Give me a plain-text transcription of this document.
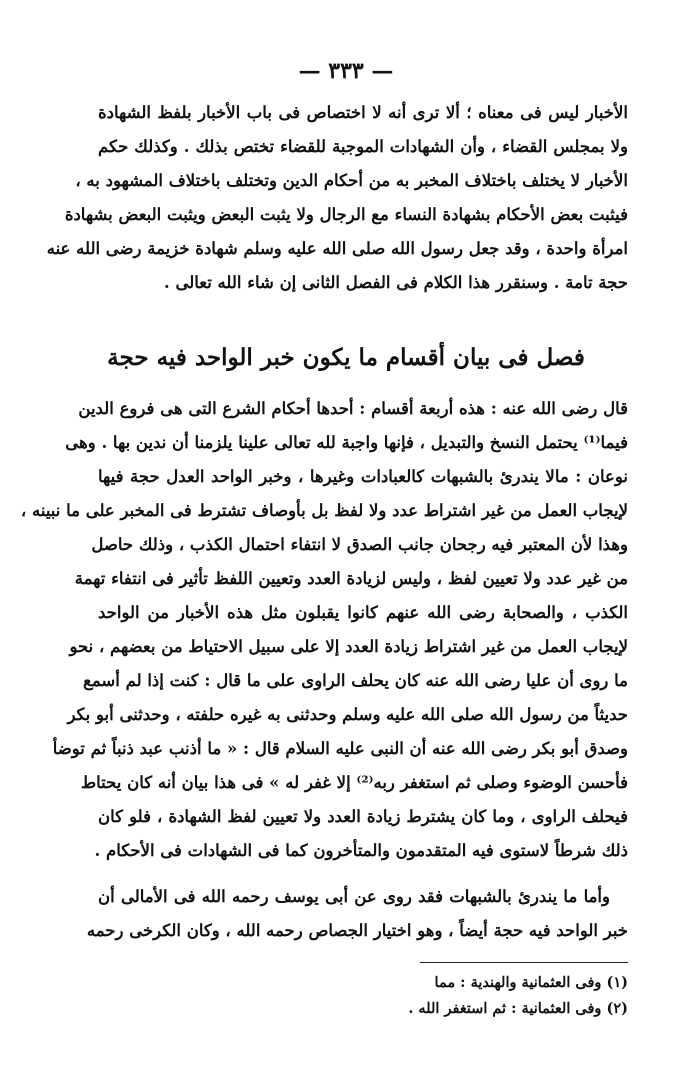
— ٣٣٣ —
الأخبار ليس فى معناه ؛ ألا ترى أنه لا اختصاص فى باب الأخبار بلفظ الشهادة
ولا بمجلس القضاء ، وأن الشهادات الموجبة للقضاء تختص بذلك . وكذلك حكم
الأخبار لا يختلف باختلاف المخبر به من أحكام الدين وتختلف باختلاف المشهود به ،
فيثبت بعض الأحكام بشهادة النساء مع الرجال ولا يثبت البعض ويثبت البعض بشهادة
امرأة واحدة ، وقد جعل رسول الله صلى الله عليه وسلم شهادة خزيمة رضى الله عنه
حجة تامة . وسنقرر هذا الكلام فى الفصل الثانى إن شاء الله تعالى .
فصل فى بيان أقسام ما يكون خبر الواحد فيه حجة
قال رضى الله عنه : هذه أربعة أقسام : أحدها أحكام الشرع التى هى فروع الدين
فيما⁽¹⁾ يحتمل النسخ والتبديل ، فإنها واجبة لله تعالى علينا يلزمنا أن ندين بها . وهى
نوعان : مالا يندرئ بالشبهات كالعبادات وغيرها ، وخبر الواحد العدل حجة فيها
لإيجاب العمل من غير اشتراط عدد ولا لفظ بل بأوصاف تشترط فى المخبر على ما نبينه ،
وهذا لأن المعتبر فيه رجحان جانب الصدق لا انتفاء احتمال الكذب ، وذلك حاصل
من غير عدد ولا تعيين لفظ ، وليس لزيادة العدد وتعيين اللفظ تأثير فى انتفاء تهمة
الكذب ، والصحابة رضى الله عنهم كانوا يقبلون مثل هذه الأخبار من الواحد
لإيجاب العمل من غير اشتراط زيادة العدد إلا على سبيل الاحتياط من بعضهم ، نحو
ما روى أن عليا رضى الله عنه كان يحلف الراوى على ما قال : كنت إذا لم أسمع
حديثاً من رسول الله صلى الله عليه وسلم وحدثنى به غيره حلفته ، وحدثنى أبو بكر
وصدق أبو بكر رضى الله عنه أن النبى عليه السلام قال : « ما أذنب عبد ذنباً ثم توضأ
فأحسن الوضوء وصلى ثم استغفر ربه⁽²⁾ إلا غفر له » فى هذا بيان أنه كان يحتاط
فيحلف الراوى ، وما كان يشترط زيادة العدد ولا تعيين لفظ الشهادة ، فلو كان
ذلك شرطاً لاستوى فيه المتقدمون والمتأخرون كما فى الشهادات فى الأحكام .
وأما ما يندرئ بالشبهات فقد روى عن أبى يوسف رحمه الله فى الأمالى أن
خبر الواحد فيه حجة أيضاً ، وهو اختيار الجصاص رحمه الله ، وكان الكرخى رحمه
(١) وفى العثمانية والهندية : مما
(٢) وفى العثمانية : ثم استغفر الله .
